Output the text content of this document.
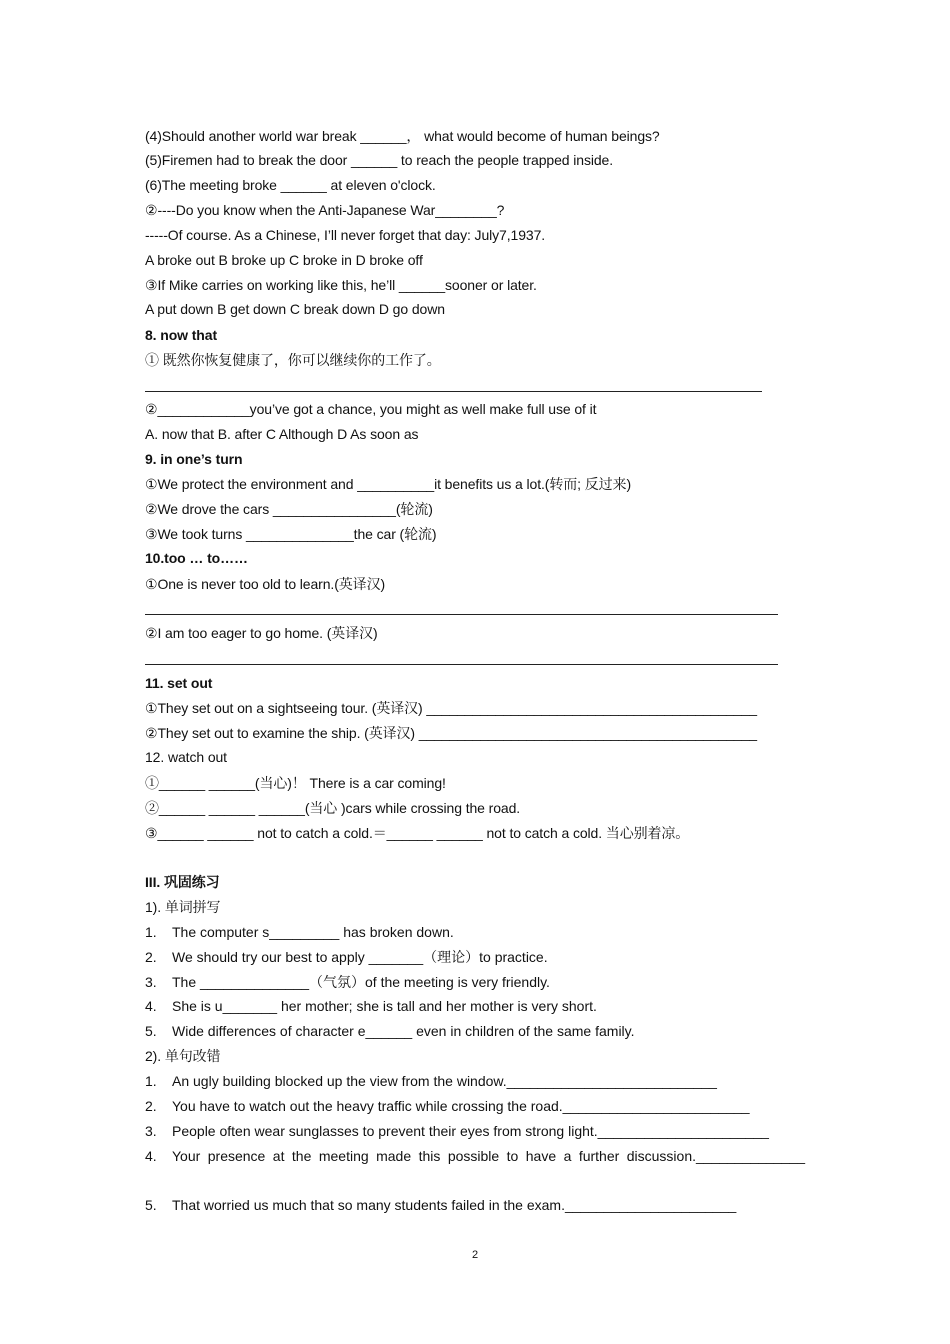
(4)Should another world war break ______， what would become of human beings?
(5)Firemen had to break the door ______ to reach the people trapped inside.
(6)The meeting broke ______ at eleven o'clock.
②----Do you know when the Anti-Japanese War________?
-----Of course. As a Chinese, I’ll never forget that day: July7,1937.
A broke out B broke up C broke in D broke off
③If Mike carries on working like this, he’ll ______sooner or later.
A put down B get down C break down D go down
8. now that
① 既然你恢复健康了，你可以继续你的工作了。
②____________you’ve got a chance, you might as well make full use of it
A. now that B. after C Although D As soon as
9. in one’s turn
①We protect the environment and __________it benefits us a lot.(转而; 反过来)
②We drove the cars ________________(轮流)
③We took turns ______________the car (轮流)
10.too … to……
①One is never too old to learn.(英译汉)
②I am too eager to go home. (英译汉)
11. set out
①They set out on a sightseeing tour. (英译汉) ___________________________________________
②They set out to examine the ship. (英译汉) ____________________________________________
12. watch out
①______ ______(当心)！ There is a car coming!
②______ ______ ______(当心 )cars while crossing the road.
③______ ______ not to catch a cold.＝______ ______ not to catch a cold. 当心别着凉。
III. 巩固练习
1). 单词拼写
2). 单句改错
1. The computer s_________ has broken down.
2. We should try our best to apply _______（理论）to practice.
3. The ______________（气氛）of the meeting is very friendly.
4. She is u_______ her mother; she is tall and her mother is very short.
5. Wide differences of character e______ even in children of the same family.
1. An ugly building blocked up the view from the window.___________________________
2. You have to watch out the heavy traffic while crossing the road.________________________
3. People often wear sunglasses to prevent their eyes from strong light.______________________
4. Your presence at the meeting made this possible to have a further discussion.______________
5. That worried us much that so many students failed in the exam.______________________
2
